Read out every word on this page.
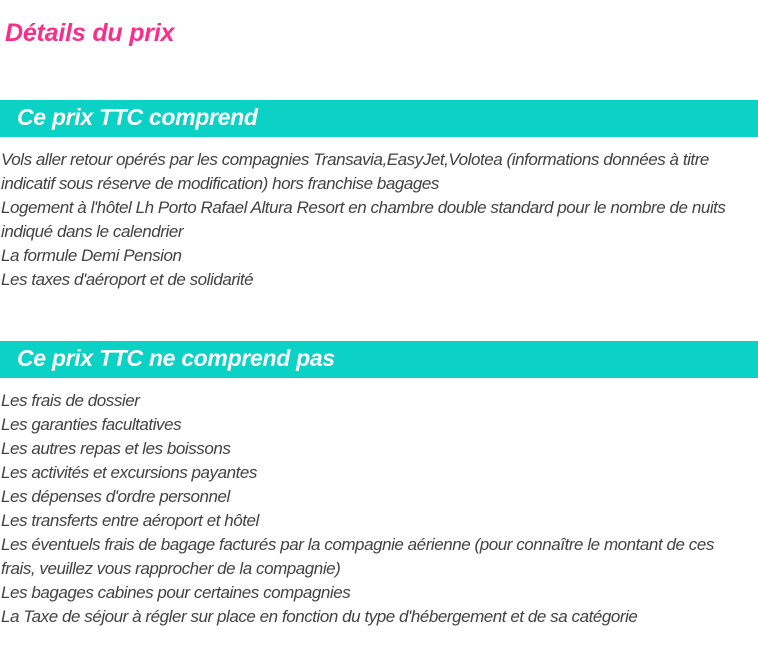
Détails du prix
Ce prix TTC comprend
Vols aller retour opérés par les compagnies Transavia,EasyJet,Volotea (informations données à titre indicatif sous réserve de modification) hors franchise bagages
Logement à l'hôtel Lh Porto Rafael Altura Resort en chambre double standard pour le nombre de nuits indiqué dans le calendrier
La formule Demi Pension
Les taxes d'aéroport et de solidarité
Ce prix TTC ne comprend pas
Les frais de dossier
Les garanties facultatives
Les autres repas et les boissons
Les activités et excursions payantes
Les dépenses d'ordre personnel
Les transferts entre aéroport et hôtel
Les éventuels frais de bagage facturés par la compagnie aérienne (pour connaître le montant de ces frais, veuillez vous rapprocher de la compagnie)
Les bagages cabines pour certaines compagnies
La Taxe de séjour à régler sur place en fonction du type d'hébergement et de sa catégorie
